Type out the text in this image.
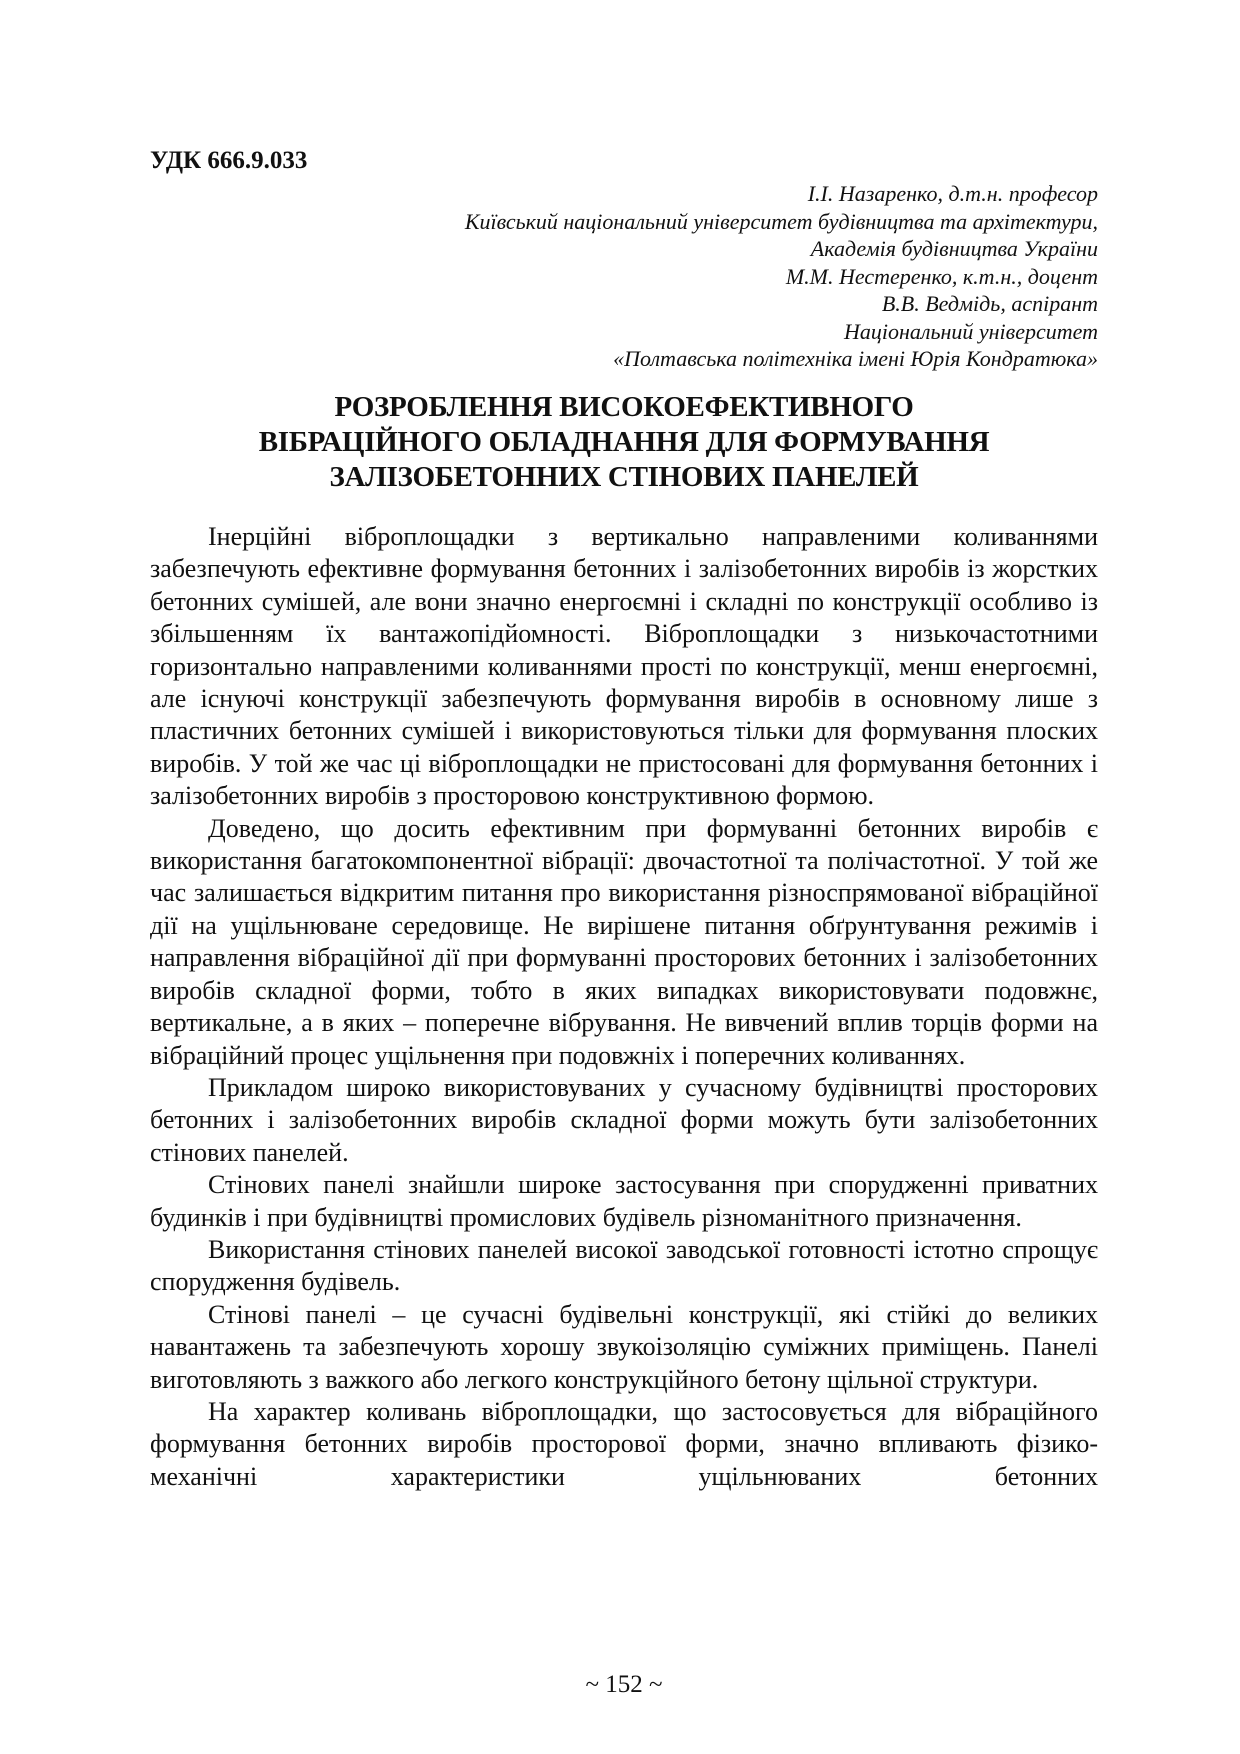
УДК 666.9.033
І.І. Назаренко, д.т.н. професор
Київський національний університет будівництва та архітектури,
Академія будівництва України
М.М. Нестеренко, к.т.н., доцент
В.В. Ведмідь, аспірант
Національний університет
«Полтавська політехніка імені Юрія Кондратюка»
РОЗРОБЛЕННЯ ВИСОКОЕФЕКТИВНОГО
ВІБРАЦІЙНОГО ОБЛАДНАННЯ ДЛЯ ФОРМУВАННЯ
ЗАЛІЗОБЕТОННИХ СТІНОВИХ ПАНЕЛЕЙ

Інерційні віброплощадки з вертикально направленими коливаннями забезпечують ефективне формування бетонних і залізобетонних виробів із жорстких бетонних сумішей, але вони значно енергоємні і складні по конструкції особливо із збільшенням їх вантажопідйомності. Віброплощадки з низькочастотними горизонтально направленими коливаннями прості по конструкції, менш енергоємні, але існуючі конструкції забезпечують формування виробів в основному лише з пластичних бетонних сумішей і використовуються тільки для формування плоских виробів. У той же час ці віброплощадки не пристосовані для формування бетонних і залізобетонних виробів з просторовою конструктивною формою.

Доведено, що досить ефективним при формуванні бетонних виробів є використання багатокомпонентної вібрації: двочастотної та полічастотної. У той же час залишається відкритим питання про використання різноспрямованої вібраційної дії на ущільнюване середовище. Не вирішене питання обґрунтування режимів і направлення вібраційної дії при формуванні просторових бетонних і залізобетонних виробів складної форми, тобто в яких випадках використовувати подовжнє, вертикальне, а в яких – поперечне вібрування. Не вивчений вплив торців форми на вібраційний процес ущільнення при подовжніх і поперечних коливаннях.

Прикладом широко використовуваних у сучасному будівництві просторових бетонних і залізобетонних виробів складної форми можуть бути залізобетонних стінових панелей.

Стінових панелі знайшли широке застосування при спорудженні приватних будинків і при будівництві промислових будівель різноманітного призначення.

Використання стінових панелей високої заводської готовності істотно спрощує спорудження будівель.

Стінові панелі – це сучасні будівельні конструкції, які стійкі до великих навантажень та забезпечують хорошу звукоізоляцію суміжних приміщень. Панелі виготовляють з важкого або легкого конструкційного бетону щільної структури.

На характер коливань віброплощадки, що застосовується для вібраційного формування бетонних виробів просторової форми, значно впливають фізико-механічні характеристики ущільнюваних бетонних

~ 152 ~
